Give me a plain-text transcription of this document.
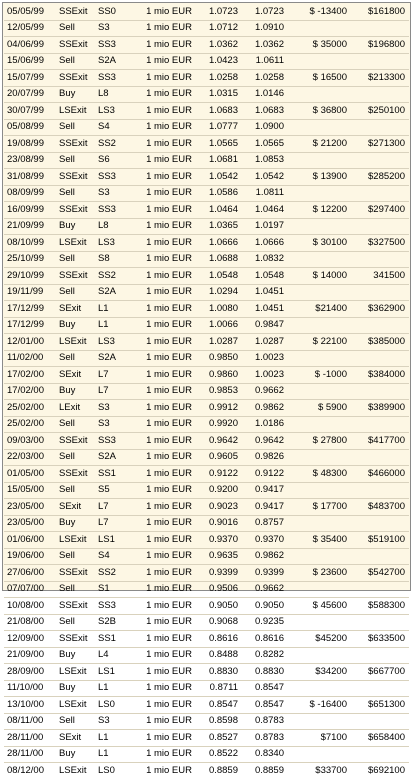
05/05/99	SSExit	SS0	1 mio EUR	1.0723	1.0723	$ -13400	$161800
12/05/99	Sell	S3	1 mio EUR	1.0712	1.0910		
04/06/99	SSExit	SS3	1 mio EUR	1.0362	1.0362	$ 35000	$196800
15/06/99	Sell	S2A	1 mio EUR	1.0423	1.0611		
15/07/99	SSExit	SS3	1 mio EUR	1.0258	1.0258	$ 16500	$213300
20/07/99	Buy	L8	1 mio EUR	1.0315	1.0146		
30/07/99	LSExit	LS3	1 mio EUR	1.0683	1.0683	$ 36800	$250100
05/08/99	Sell	S4	1 mio EUR	1.0777	1.0900		
19/08/99	SSExit	SS2	1 mio EUR	1.0565	1.0565	$ 21200	$271300
23/08/99	Sell	S6	1 mio EUR	1.0681	1.0853		
31/08/99	SSExit	SS3	1 mio EUR	1.0542	1.0542	$ 13900	$285200
08/09/99	Sell	S3	1 mio EUR	1.0586	1.0811		
16/09/99	SSExit	SS3	1 mio EUR	1.0464	1.0464	$ 12200	$297400
21/09/99	Buy	L8	1 mio EUR	1.0365	1.0197		
08/10/99	LSExit	LS3	1 mio EUR	1.0666	1.0666	$ 30100	$327500
25/10/99	Sell	S8	1 mio EUR	1.0688	1.0832		
29/10/99	SSExit	SS2	1 mio EUR	1.0548	1.0548	$ 14000	341500
19/11/99	Sell	S2A	1 mio EUR	1.0294	1.0451		
17/12/99	SExit	L1	1 mio EUR	1.0080	1.0451	$21400	$362900
17/12/99	Buy	L1	1 mio EUR	1.0066	0.9847		
12/01/00	LSExit	LS3	1 mio EUR	1.0287	1.0287	$ 22100	$385000
11/02/00	Sell	S2A	1 mio EUR	0.9850	1.0023		
17/02/00	SExit	L7	1 mio EUR	0.9860	1.0023	$ -1000	$384000
17/02/00	Buy	L7	1 mio EUR	0.9853	0.9662		
25/02/00	LExit	S3	1 mio EUR	0.9912	0.9862	$ 5900	$389900
25/02/00	Sell	S3	1 mio EUR	0.9920	1.0186		
09/03/00	SSExit	SS3	1 mio EUR	0.9642	0.9642	$ 27800	$417700
22/03/00	Sell	S2A	1 mio EUR	0.9605	0.9826		
01/05/00	SSExit	SS1	1 mio EUR	0.9122	0.9122	$ 48300	$466000
15/05/00	Sell	S5	1 mio EUR	0.9200	0.9417		
23/05/00	SExit	L7	1 mio EUR	0.9023	0.9417	$ 17700	$483700
23/05/00	Buy	L7	1 mio EUR	0.9016	0.8757		
01/06/00	LSExit	LS1	1 mio EUR	0.9370	0.9370	$ 35400	$519100
19/06/00	Sell	S4	1 mio EUR	0.9635	0.9862		
27/06/00	SSExit	SS2	1 mio EUR	0.9399	0.9399	$ 23600	$542700
07/07/00	Sell	S1	1 mio EUR	0.9506	0.9662		
10/08/00	SSExit	SS3	1 mio EUR	0.9050	0.9050	$ 45600	$588300
21/08/00	Sell	S2B	1 mio EUR	0.9068	0.9235		
12/09/00	SSExit	SS1	1 mio EUR	0.8616	0.8616	$45200	$633500
21/09/00	Buy	L4	1 mio EUR	0.8488	0.8282		
28/09/00	LSExit	LS1	1 mio EUR	0.8830	0.8830	$34200	$667700
11/10/00	Buy	L1	1 mio EUR	0.8711	0.8547		
13/10/00	LSExit	LS0	1 mio EUR	0.8547	0.8547	$ -16400	$651300
08/11/00	Sell	S3	1 mio EUR	0.8598	0.8783		
28/11/00	SExit	L1	1 mio EUR	0.8527	0.8783	$7100	$658400
28/11/00	Buy	L1	1 mio EUR	0.8522	0.8340		
08/12/00	LSExit	LS0	1 mio EUR	0.8859	0.8859	$33700	$692100
